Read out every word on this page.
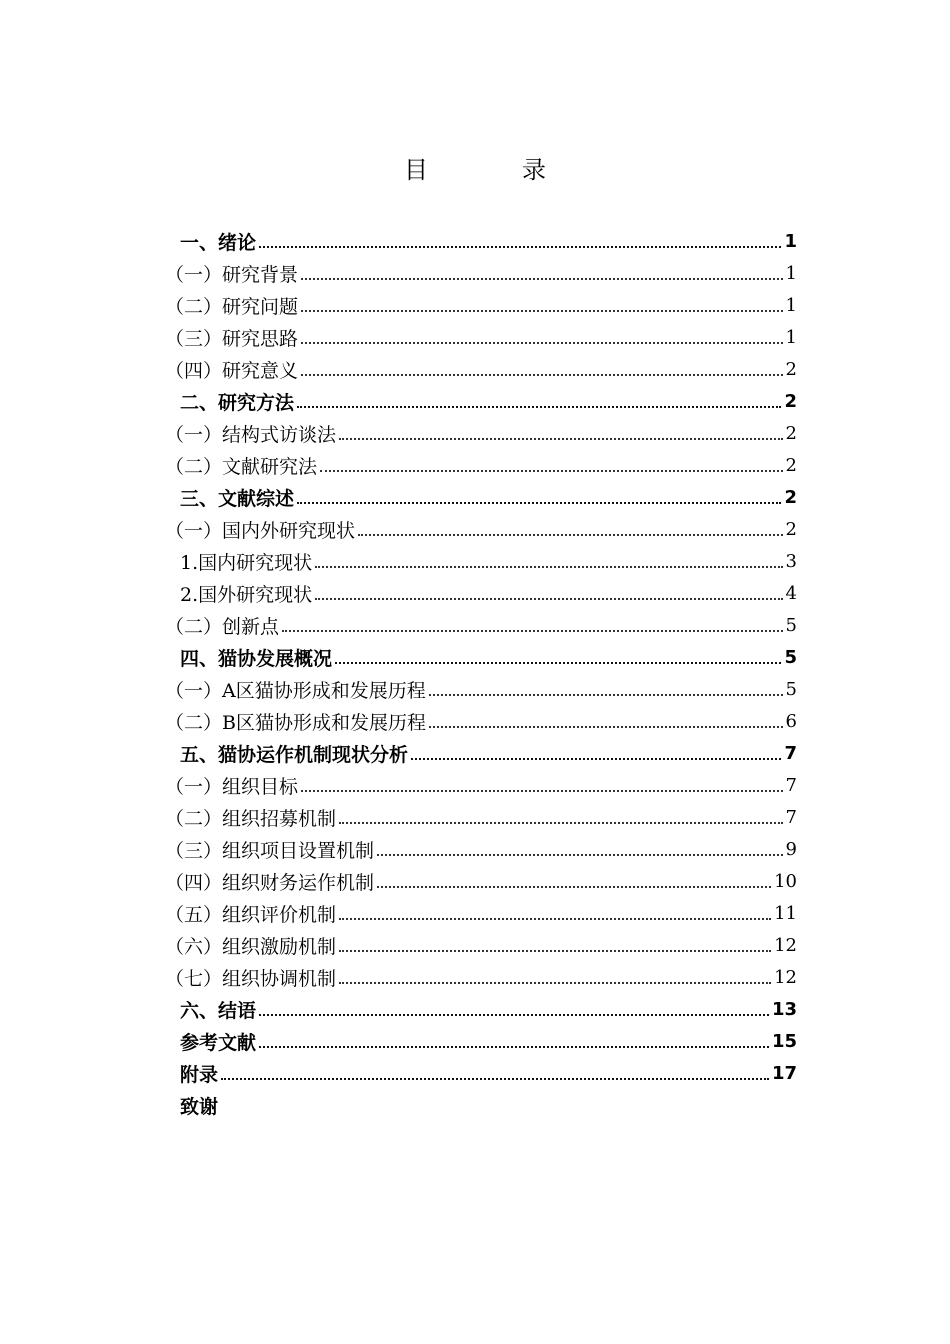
目	录
一、绪论	1
（一）研究背景	1
（二）研究问题	1
（三）研究思路	1
（四）研究意义	2
二、研究方法	2
（一）结构式访谈法	2
（二）文献研究法	2
三、文献综述	2
（一）国内外研究现状	2
1.国内研究现状	3
2.国外研究现状	4
（二）创新点	5
四、猫协发展概况	5
（一）A区猫协形成和发展历程	5
（二）B区猫协形成和发展历程	6
五、猫协运作机制现状分析	7
（一）组织目标	7
（二）组织招募机制	7
（三）组织项目设置机制	9
（四）组织财务运作机制	10
（五）组织评价机制	11
（六）组织激励机制	12
（七）组织协调机制	12
六、结语	13
参考文献	15
附录	17
致谢
